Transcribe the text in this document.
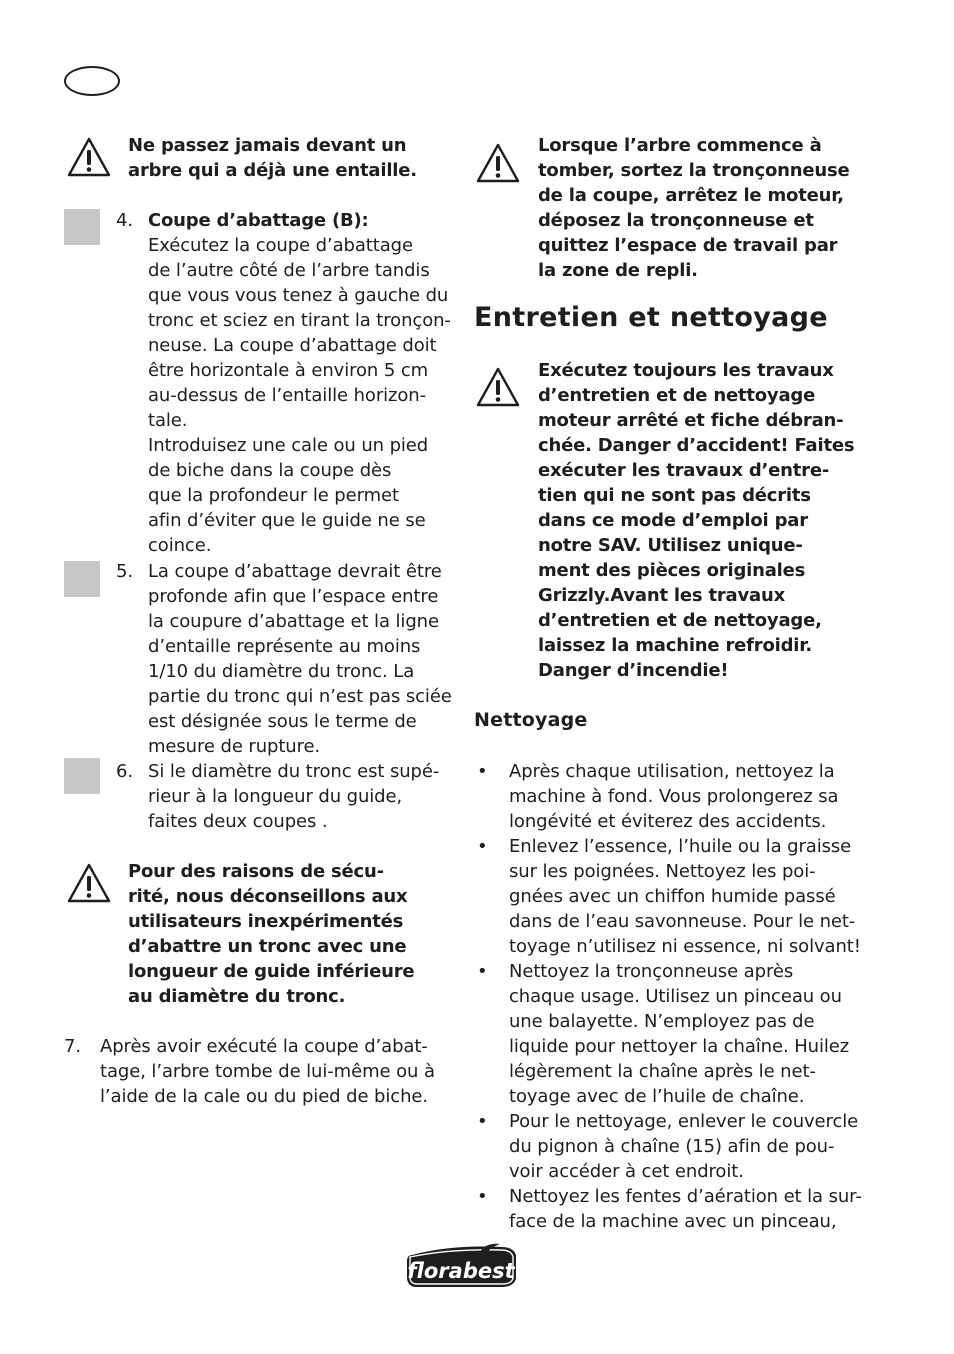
Ne passez jamais devant un
arbre qui a déjà une entaille.
4. Coupe d’abattage (B):
Exécutez la coupe d’abattage
de l’autre côté de l’arbre tandis
que vous vous tenez à gauche du
tronc et sciez en tirant la tronçon-
neuse. La coupe d’abattage doit
être horizontale à environ 5 cm
au-dessus de l’entaille horizon-
tale.
Introduisez une cale ou un pied
de biche dans la coupe dès
que la profondeur le permet
afin d’éviter que le guide ne se
coince.
5. La coupe d’abattage devrait être
profonde afin que l’espace entre
la coupure d’abattage et la ligne
d’entaille représente au moins
1/10 du diamètre du tronc. La
partie du tronc qui n’est pas sciée
est désignée sous le terme de
mesure de rupture.
6. Si le diamètre du tronc est supé-
rieur à la longueur du guide,
faites deux coupes .
Pour des raisons de sécu-
rité, nous déconseillons aux
utilisateurs inexpérimentés
d’abattre un tronc avec une
longueur de guide inférieure
au diamètre du tronc.
7. Après avoir exécuté la coupe d’abat-
tage, l’arbre tombe de lui-même ou à
l’aide de la cale ou du pied de biche.
Lorsque l’arbre commence à
tomber, sortez la tronçonneuse
de la coupe, arrêtez le moteur,
déposez la tronçonneuse et
quittez l’espace de travail par
la zone de repli.
Entretien et nettoyage
Exécutez toujours les travaux
d’entretien et de nettoyage
moteur arrêté et fiche débran-
chée. Danger d’accident! Faites
exécuter les travaux d’entre-
tien qui ne sont pas décrits
dans ce mode d’emploi par
notre SAV. Utilisez unique-
ment des pièces originales
Grizzly.Avant les travaux
d’entretien et de nettoyage,
laissez la machine refroidir.
Danger d’incendie!
Nettoyage
• Après chaque utilisation, nettoyez la
machine à fond. Vous prolongerez sa
longévité et éviterez des accidents.
• Enlevez l’essence, l’huile ou la graisse
sur les poignées. Nettoyez les poi-
gnées avec un chiffon humide passé
dans de l’eau savonneuse. Pour le net-
toyage n’utilisez ni essence, ni solvant!
• Nettoyez la tronçonneuse après
chaque usage. Utilisez un pinceau ou
une balayette. N’employez pas de
liquide pour nettoyer la chaîne. Huilez
légèrement la chaîne après le net-
toyage avec de l’huile de chaîne.
• Pour le nettoyage, enlever le couvercle
du pignon à chaîne (15) afin de pou-
voir accéder à cet endroit.
• Nettoyez les fentes d’aération et la sur-
face de la machine avec un pinceau,
florabest
